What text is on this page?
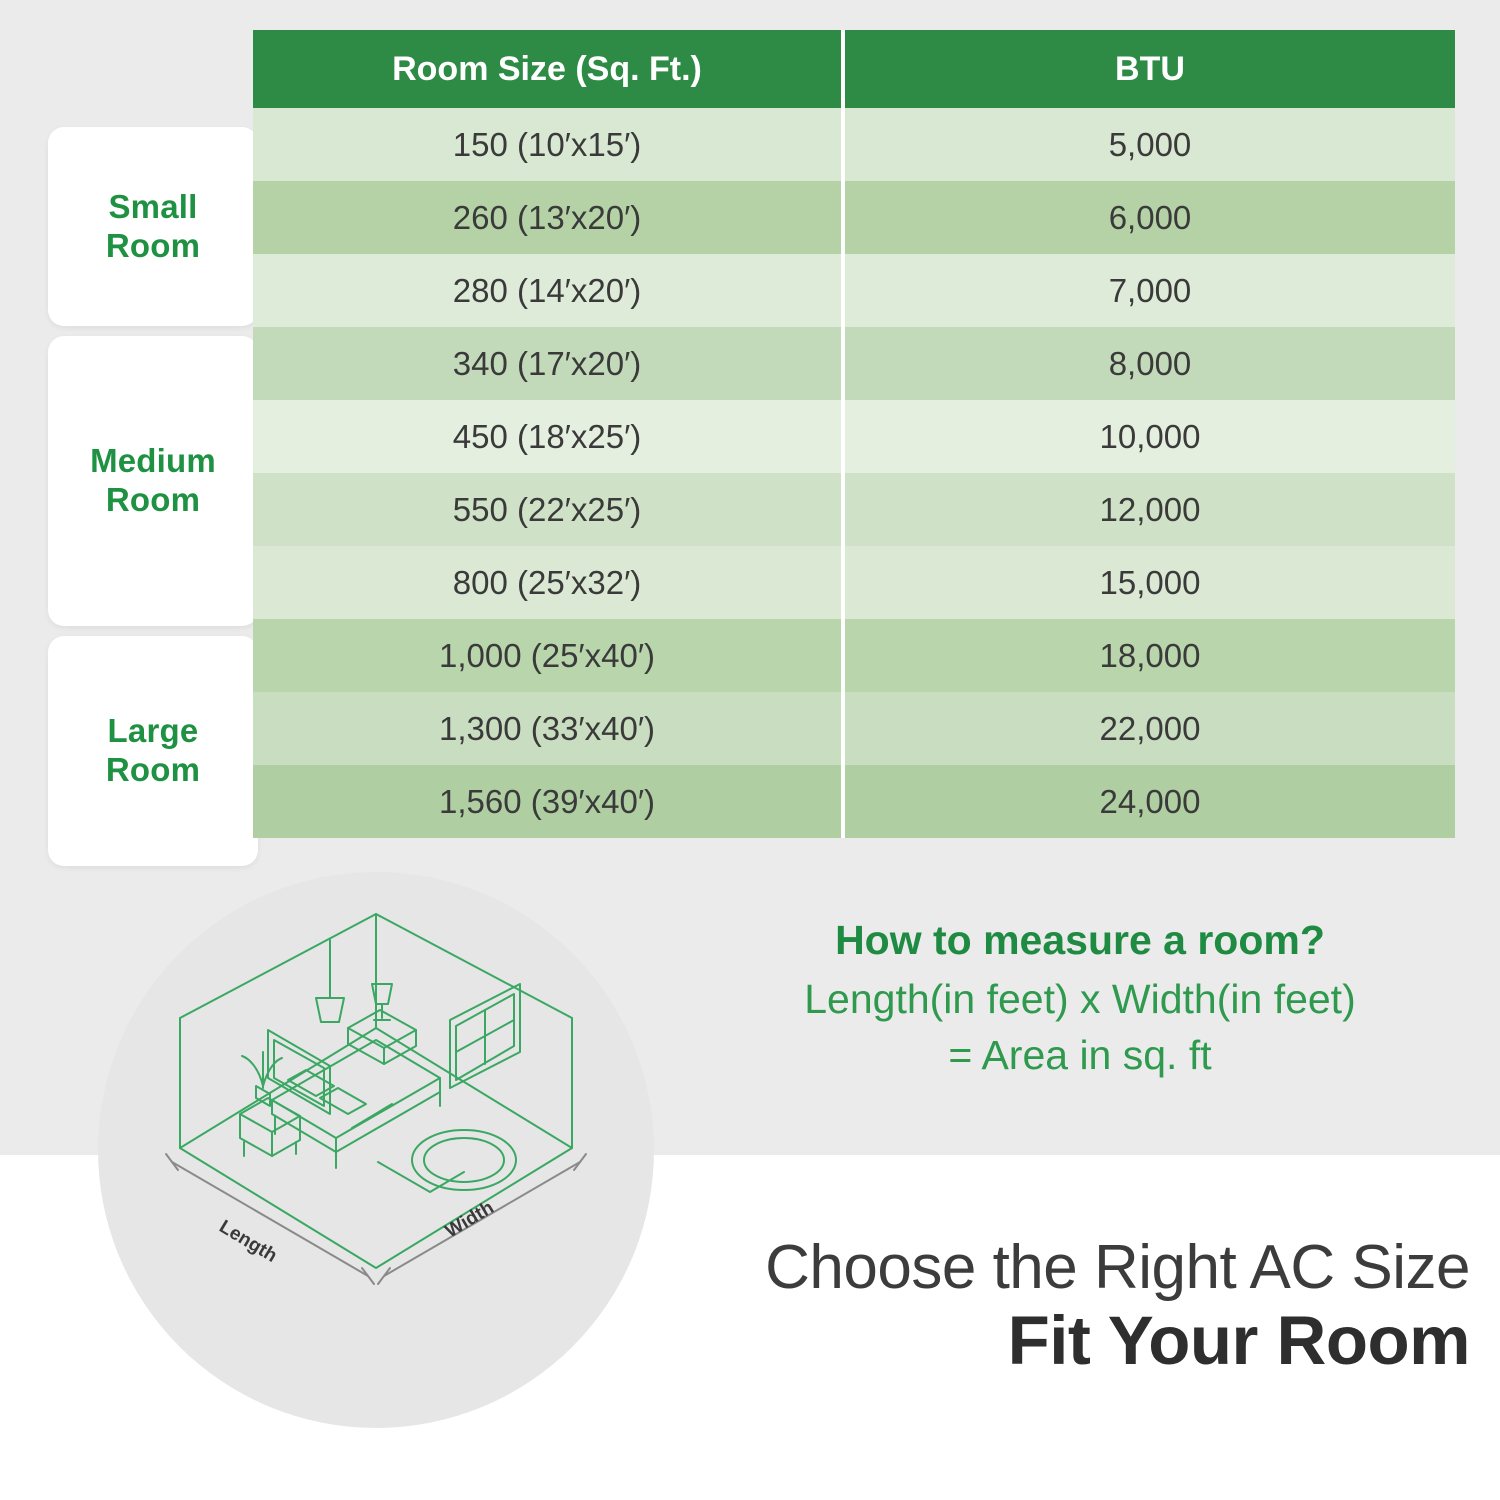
Small
Room
Medium
Room
Large
Room
Room Size (Sq. Ft.)	BTU
150 (10′x15′)	5,000
260 (13′x20′)	6,000
280 (14′x20′)	7,000
340 (17′x20′)	8,000
450 (18′x25′)	10,000
550 (22′x25′)	12,000
800 (25′x32′)	15,000
1,000 (25′x40′)	18,000
1,300 (33′x40′)	22,000
1,560 (39′x40′)	24,000
Length	Width
How to measure a room?
Length(in feet) x Width(in feet)
= Area in sq. ft
Choose the Right AC Size
Fit Your Room
